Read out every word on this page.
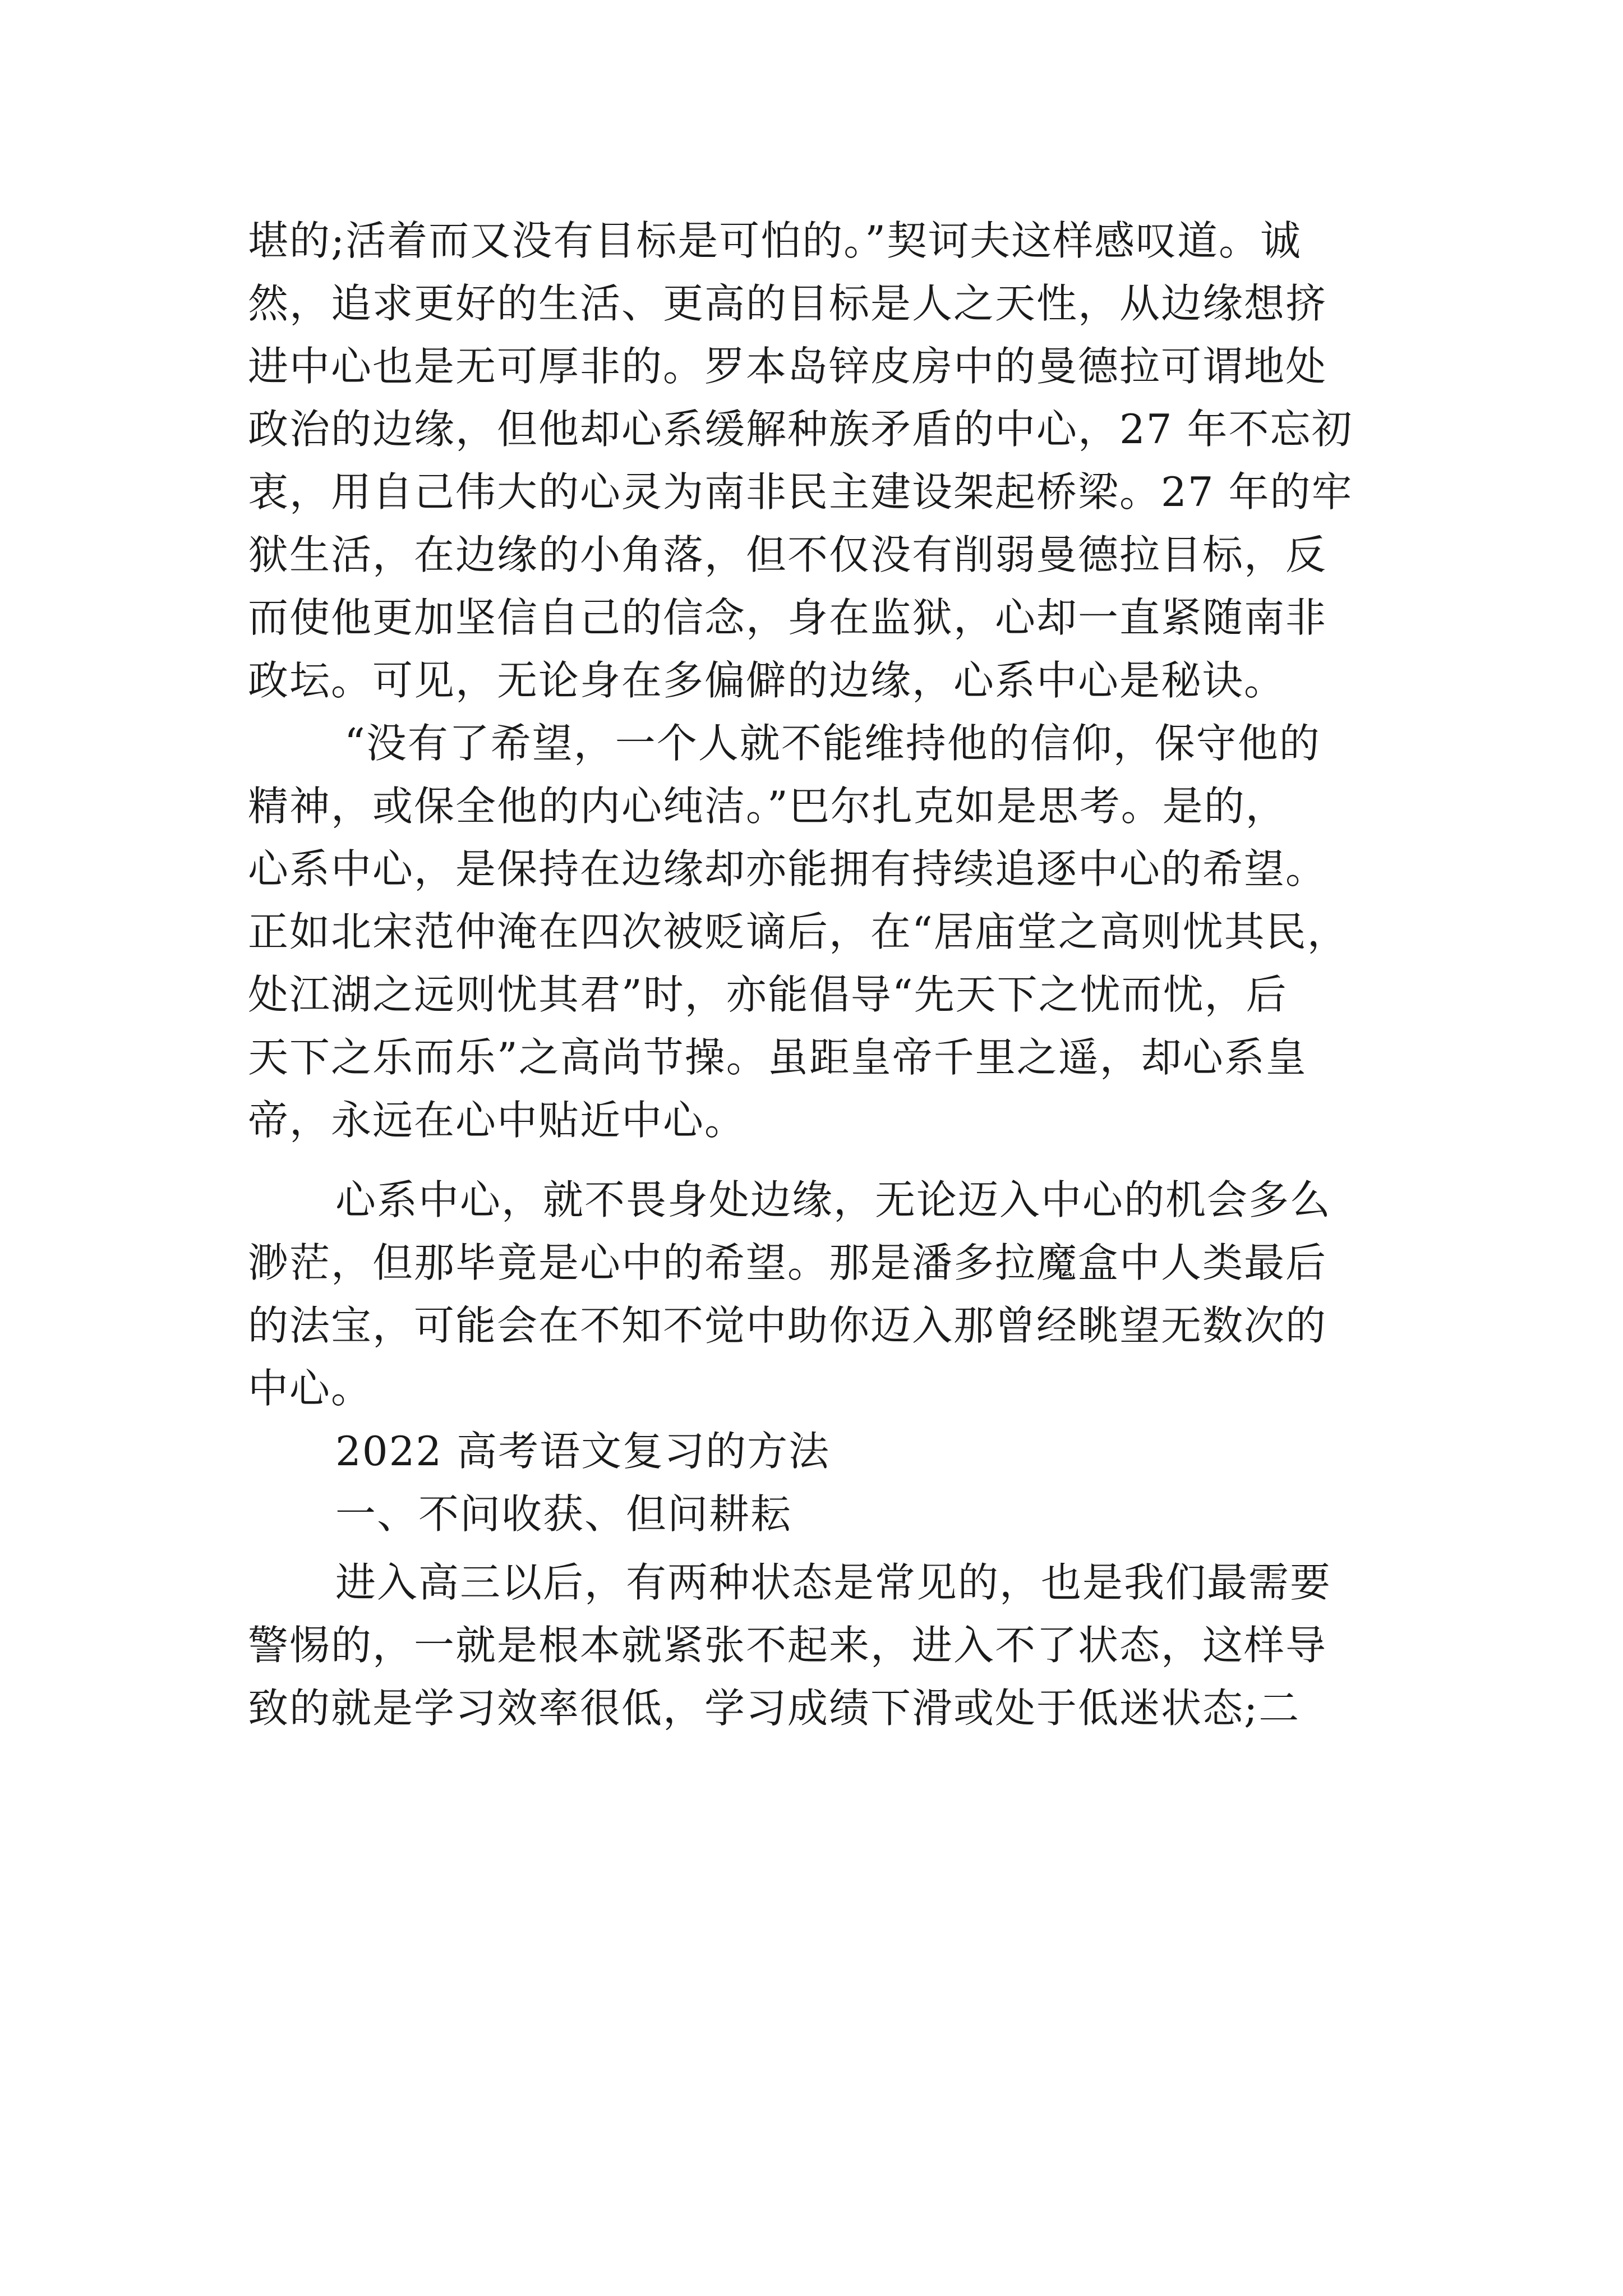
堪的;活着而又没有目标是可怕的。”契诃夫这样感叹道。诚
然，追求更好的生活、更高的目标是人之天性，从边缘想挤
进中心也是无可厚非的。罗本岛锌皮房中的曼德拉可谓地处
政治的边缘，但他却心系缓解种族矛盾的中心，27 年不忘初
衷，用自己伟大的心灵为南非民主建设架起桥梁。27 年的牢
狱生活，在边缘的小角落，但不仅没有削弱曼德拉目标，反
而使他更加坚信自己的信念，身在监狱，心却一直紧随南非
政坛。可见，无论身在多偏僻的边缘，心系中心是秘诀。
“没有了希望，一个人就不能维持他的信仰，保守他的
精神，或保全他的内心纯洁。”巴尔扎克如是思考。是的，
心系中心，是保持在边缘却亦能拥有持续追逐中心的希望。
正如北宋范仲淹在四次被贬谪后，在“居庙堂之高则忧其民，
处江湖之远则忧其君”时，亦能倡导“先天下之忧而忧，后
天下之乐而乐”之高尚节操。虽距皇帝千里之遥，却心系皇
帝，永远在心中贴近中心。
心系中心，就不畏身处边缘，无论迈入中心的机会多么
渺茫，但那毕竟是心中的希望。那是潘多拉魔盒中人类最后
的法宝，可能会在不知不觉中助你迈入那曾经眺望无数次的
中心。
2022 高考语文复习的方法
一、不问收获、但问耕耘
进入高三以后，有两种状态是常见的，也是我们最需要
警惕的，一就是根本就紧张不起来，进入不了状态，这样导
致的就是学习效率很低，学习成绩下滑或处于低迷状态;二
